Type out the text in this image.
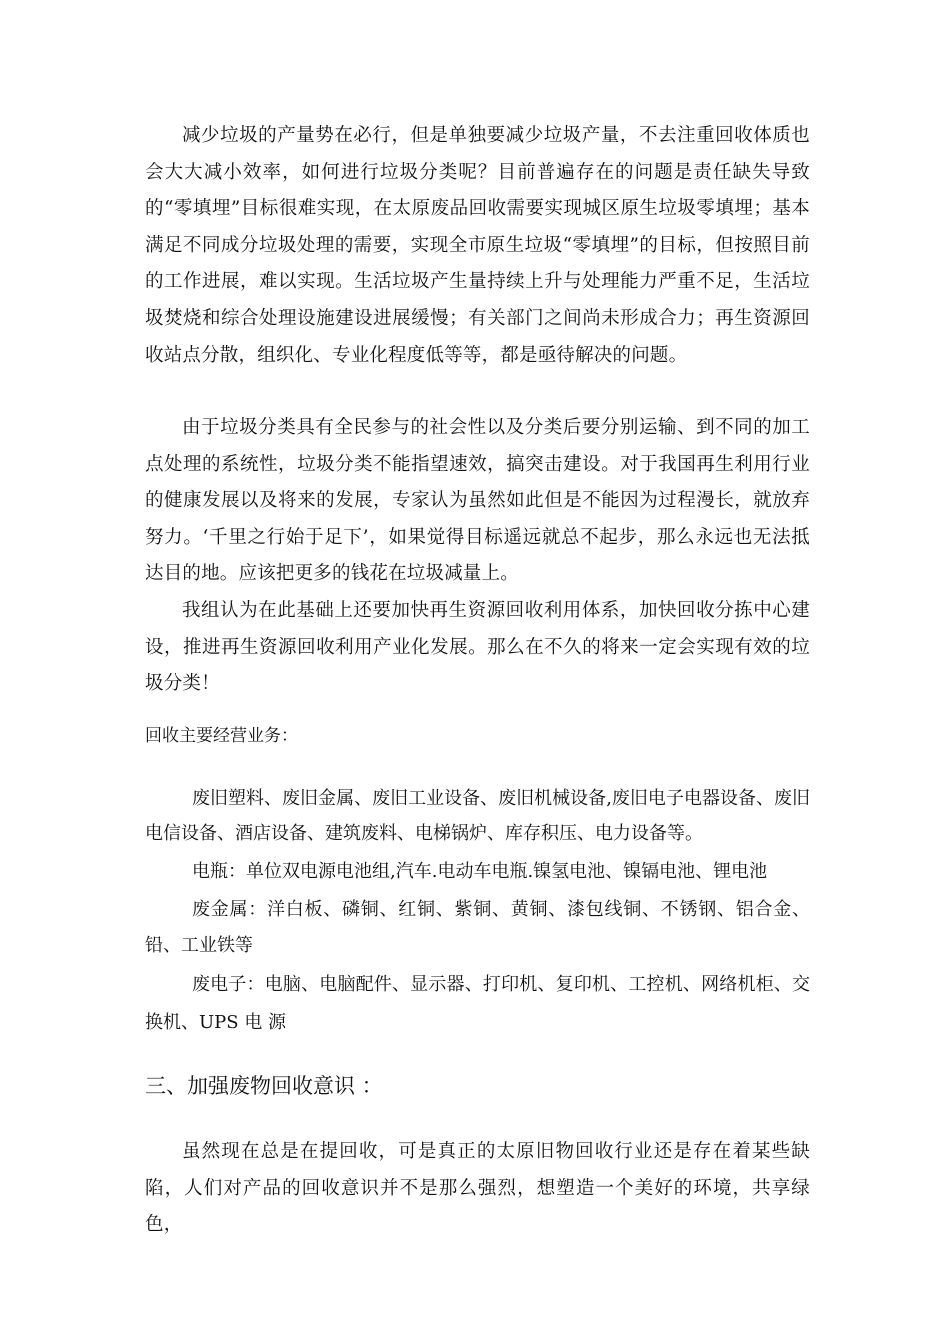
减少垃圾的产量势在必行，但是单独要减少垃圾产量，不去注重回收体质也会大大减小效率，如何进行垃圾分类呢？目前普遍存在的问题是责任缺失导致的“零填埋”目标很难实现，在太原废品回收需要实现城区原生垃圾零填埋；基本满足不同成分垃圾处理的需要，实现全市原生垃圾“零填埋”的目标，但按照目前的工作进展，难以实现。生活垃圾产生量持续上升与处理能力严重不足，生活垃圾焚烧和综合处理设施建设进展缓慢；有关部门之间尚未形成合力；再生资源回收站点分散，组织化、专业化程度低等等，都是亟待解决的问题。

由于垃圾分类具有全民参与的社会性以及分类后要分别运输、到不同的加工点处理的系统性，垃圾分类不能指望速效，搞突击建设。对于我国再生利用行业的健康发展以及将来的发展，专家认为虽然如此但是不能因为过程漫长，就放弃努力。‘千里之行始于足下’，如果觉得目标遥远就总不起步，那么永远也无法抵达目的地。应该把更多的钱花在垃圾减量上。

我组认为在此基础上还要加快再生资源回收利用体系，加快回收分拣中心建设，推进再生资源回收利用产业化发展。那么在不久的将来一定会实现有效的垃圾分类！

回收主要经营业务：

废旧塑料、废旧金属、废旧工业设备、废旧机械设备,废旧电子电器设备、废旧电信设备、酒店设备、建筑废料、电梯锅炉、库存积压、电力设备等。

电瓶：单位双电源电池组,汽车.电动车电瓶.镍氢电池、镍镉电池、锂电池

废金属：洋白板、磷铜、红铜、紫铜、黄铜、漆包线铜、不锈钢、铝合金、铅、工业铁等

废电子：电脑、电脑配件、显示器、打印机、复印机、工控机、网络机柜、交换机、UPS 电 源

三、加强废物回收意识 ：

虽然现在总是在提回收，可是真正的太原旧物回收行业还是存在着某些缺陷，人们对产品的回收意识并不是那么强烈，想塑造一个美好的环境，共享绿色，
